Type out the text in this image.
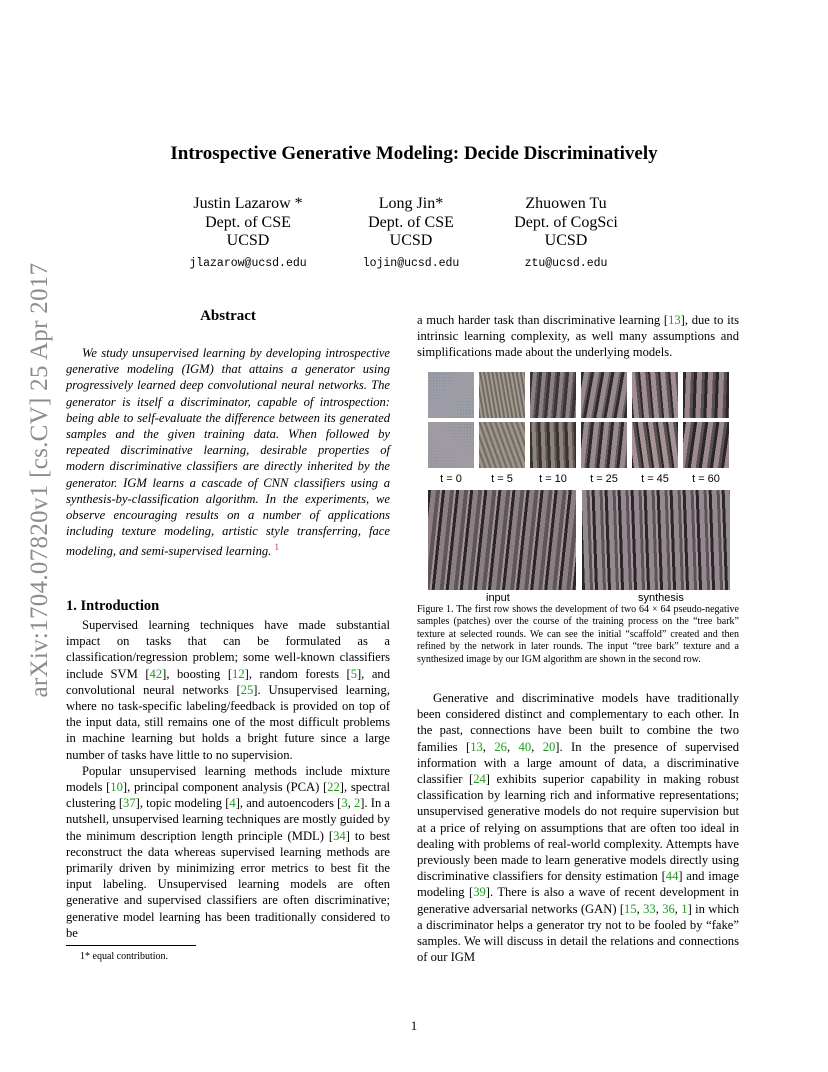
arXiv:1704.07820v1 [cs.CV] 25 Apr 2017
Introspective Generative Modeling: Decide Discriminatively
Justin Lazarow *
Dept. of CSE
UCSD
jlazarow@ucsd.edu
Long Jin*
Dept. of CSE
UCSD
lojin@ucsd.edu
Zhuowen Tu
Dept. of CogSci
UCSD
ztu@ucsd.edu
Abstract

We study unsupervised learning by developing introspective generative modeling (IGM) that attains a generator using progressively learned deep convolutional neural networks. The generator is itself a discriminator, capable of introspection: being able to self-evaluate the difference between its generated samples and the given training data. When followed by repeated discriminative learning, desirable properties of modern discriminative classifiers are directly inherited by the generator. IGM learns a cascade of CNN classifiers using a synthesis-by-classification algorithm. In the experiments, we observe encouraging results on a number of applications including texture modeling, artistic style transferring, face modeling, and semi-supervised learning. $^1$

1. Introduction

Supervised learning techniques have made substantial impact on tasks that can be formulated as a classification/regression problem; some well-known classifiers include SVM [42], boosting [12], random forests [5], and convolutional neural networks [25]. Unsupervised learning, where no task-specific labeling/feedback is provided on top of the input data, still remains one of the most difficult problems in machine learning but holds a bright future since a large number of tasks have little to no supervision.

Popular unsupervised learning methods include mixture models [10], principal component analysis (PCA) [22], spectral clustering [37], topic modeling [4], and autoencoders [3, 2]. In a nutshell, unsupervised learning techniques are mostly guided by the minimum description length principle (MDL) [34] to best reconstruct the data whereas supervised learning methods are primarily driven by minimizing error metrics to best fit the input labeling. Unsupervised learning models are often generative and supervised classifiers are often discriminative; generative model learning has been traditionally considered to be

1* equal contribution.

a much harder task than discriminative learning [13], due to its intrinsic learning complexity, as well many assumptions and simplifications made about the underlying models.

t = 0	t = 5	t = 10	t = 25	t = 45	t = 60
input	synthesis
Figure 1. The first row shows the development of two 64 × 64 pseudo-negative samples (patches) over the course of the training process on the “tree bark” texture at selected rounds. We can see the initial “scaffold” created and then refined by the network in later rounds. The input “tree bark” texture and a synthesized image by our IGM algorithm are shown in the second row.

Generative and discriminative models have traditionally been considered distinct and complementary to each other. In the past, connections have been built to combine the two families [13, 26, 40, 20]. In the presence of supervised information with a large amount of data, a discriminative classifier [24] exhibits superior capability in making robust classification by learning rich and informative representations; unsupervised generative models do not require supervision but at a price of relying on assumptions that are often too ideal in dealing with problems of real-world complexity. Attempts have previously been made to learn generative models directly using discriminative classifiers for density estimation [44] and image modeling [39]. There is also a wave of recent development in generative adversarial networks (GAN) [15, 33, 36, 1] in which a discriminator helps a generator try not to be fooled by “fake” samples. We will discuss in detail the relations and connections of our IGM

1
